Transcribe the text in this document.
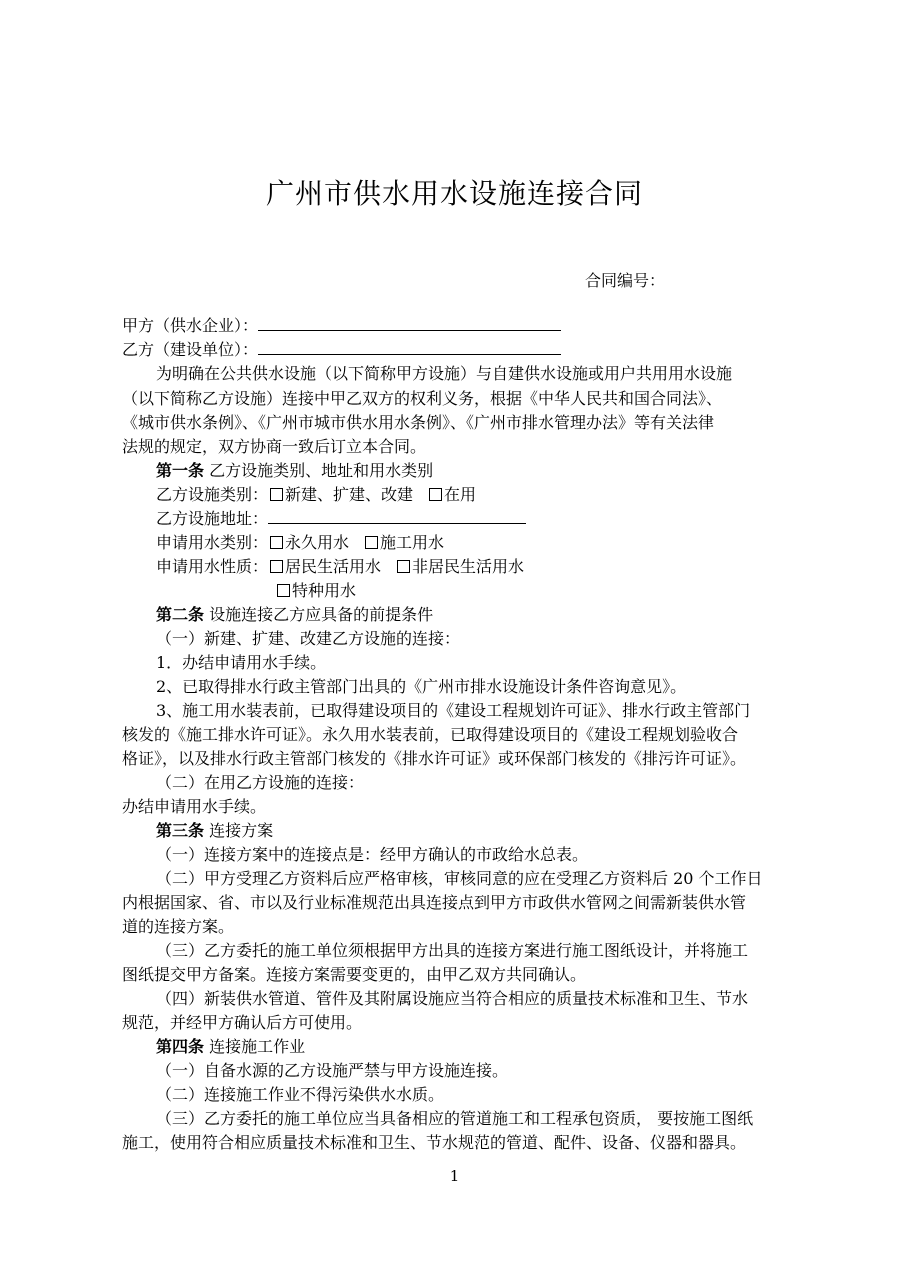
广州市供水用水设施连接合同
合同编号：
甲方（供水企业）：
乙方（建设单位）：
为明确在公共供水设施（以下简称甲方设施）与自建供水设施或用户共用用水设施
（以下简称乙方设施）连接中甲乙双方的权利义务，根据《中华人民共和国合同法》、
《城市供水条例》、《广州市城市供水用水条例》、《广州市排水管理办法》等有关法律
法规的规定，双方协商一致后订立本合同。
第一条 乙方设施类别、地址和用水类别
乙方设施类别： 新建、扩建、改建 在用
乙方设施地址：
申请用水类别： 永久用水 施工用水
申请用水性质： 居民生活用水 非居民生活用水
特种用水
第二条 设施连接乙方应具备的前提条件
（一）新建、扩建、改建乙方设施的连接：
1．办结申请用水手续。
2、已取得排水行政主管部门出具的《广州市排水设施设计条件咨询意见》。
3、施工用水装表前，已取得建设项目的《建设工程规划许可证》、排水行政主管部门
核发的《施工排水许可证》。永久用水装表前，已取得建设项目的《建设工程规划验收合
格证》，以及排水行政主管部门核发的《排水许可证》或环保部门核发的《排污许可证》。
（二）在用乙方设施的连接：
办结申请用水手续。
第三条 连接方案
（一）连接方案中的连接点是：经甲方确认的市政给水总表。
（二）甲方受理乙方资料后应严格审核，审核同意的应在受理乙方资料后 20 个工作日
内根据国家、省、市以及行业标准规范出具连接点到甲方市政供水管网之间需新装供水管
道的连接方案。
（三）乙方委托的施工单位须根据甲方出具的连接方案进行施工图纸设计，并将施工
图纸提交甲方备案。连接方案需要变更的，由甲乙双方共同确认。
（四）新装供水管道、管件及其附属设施应当符合相应的质量技术标准和卫生、节水
规范，并经甲方确认后方可使用。
第四条 连接施工作业
（一）自备水源的乙方设施严禁与甲方设施连接。
（二）连接施工作业不得污染供水水质。
（三）乙方委托的施工单位应当具备相应的管道施工和工程承包资质， 要按施工图纸
施工，使用符合相应质量技术标准和卫生、节水规范的管道、配件、设备、仪器和器具。
1
